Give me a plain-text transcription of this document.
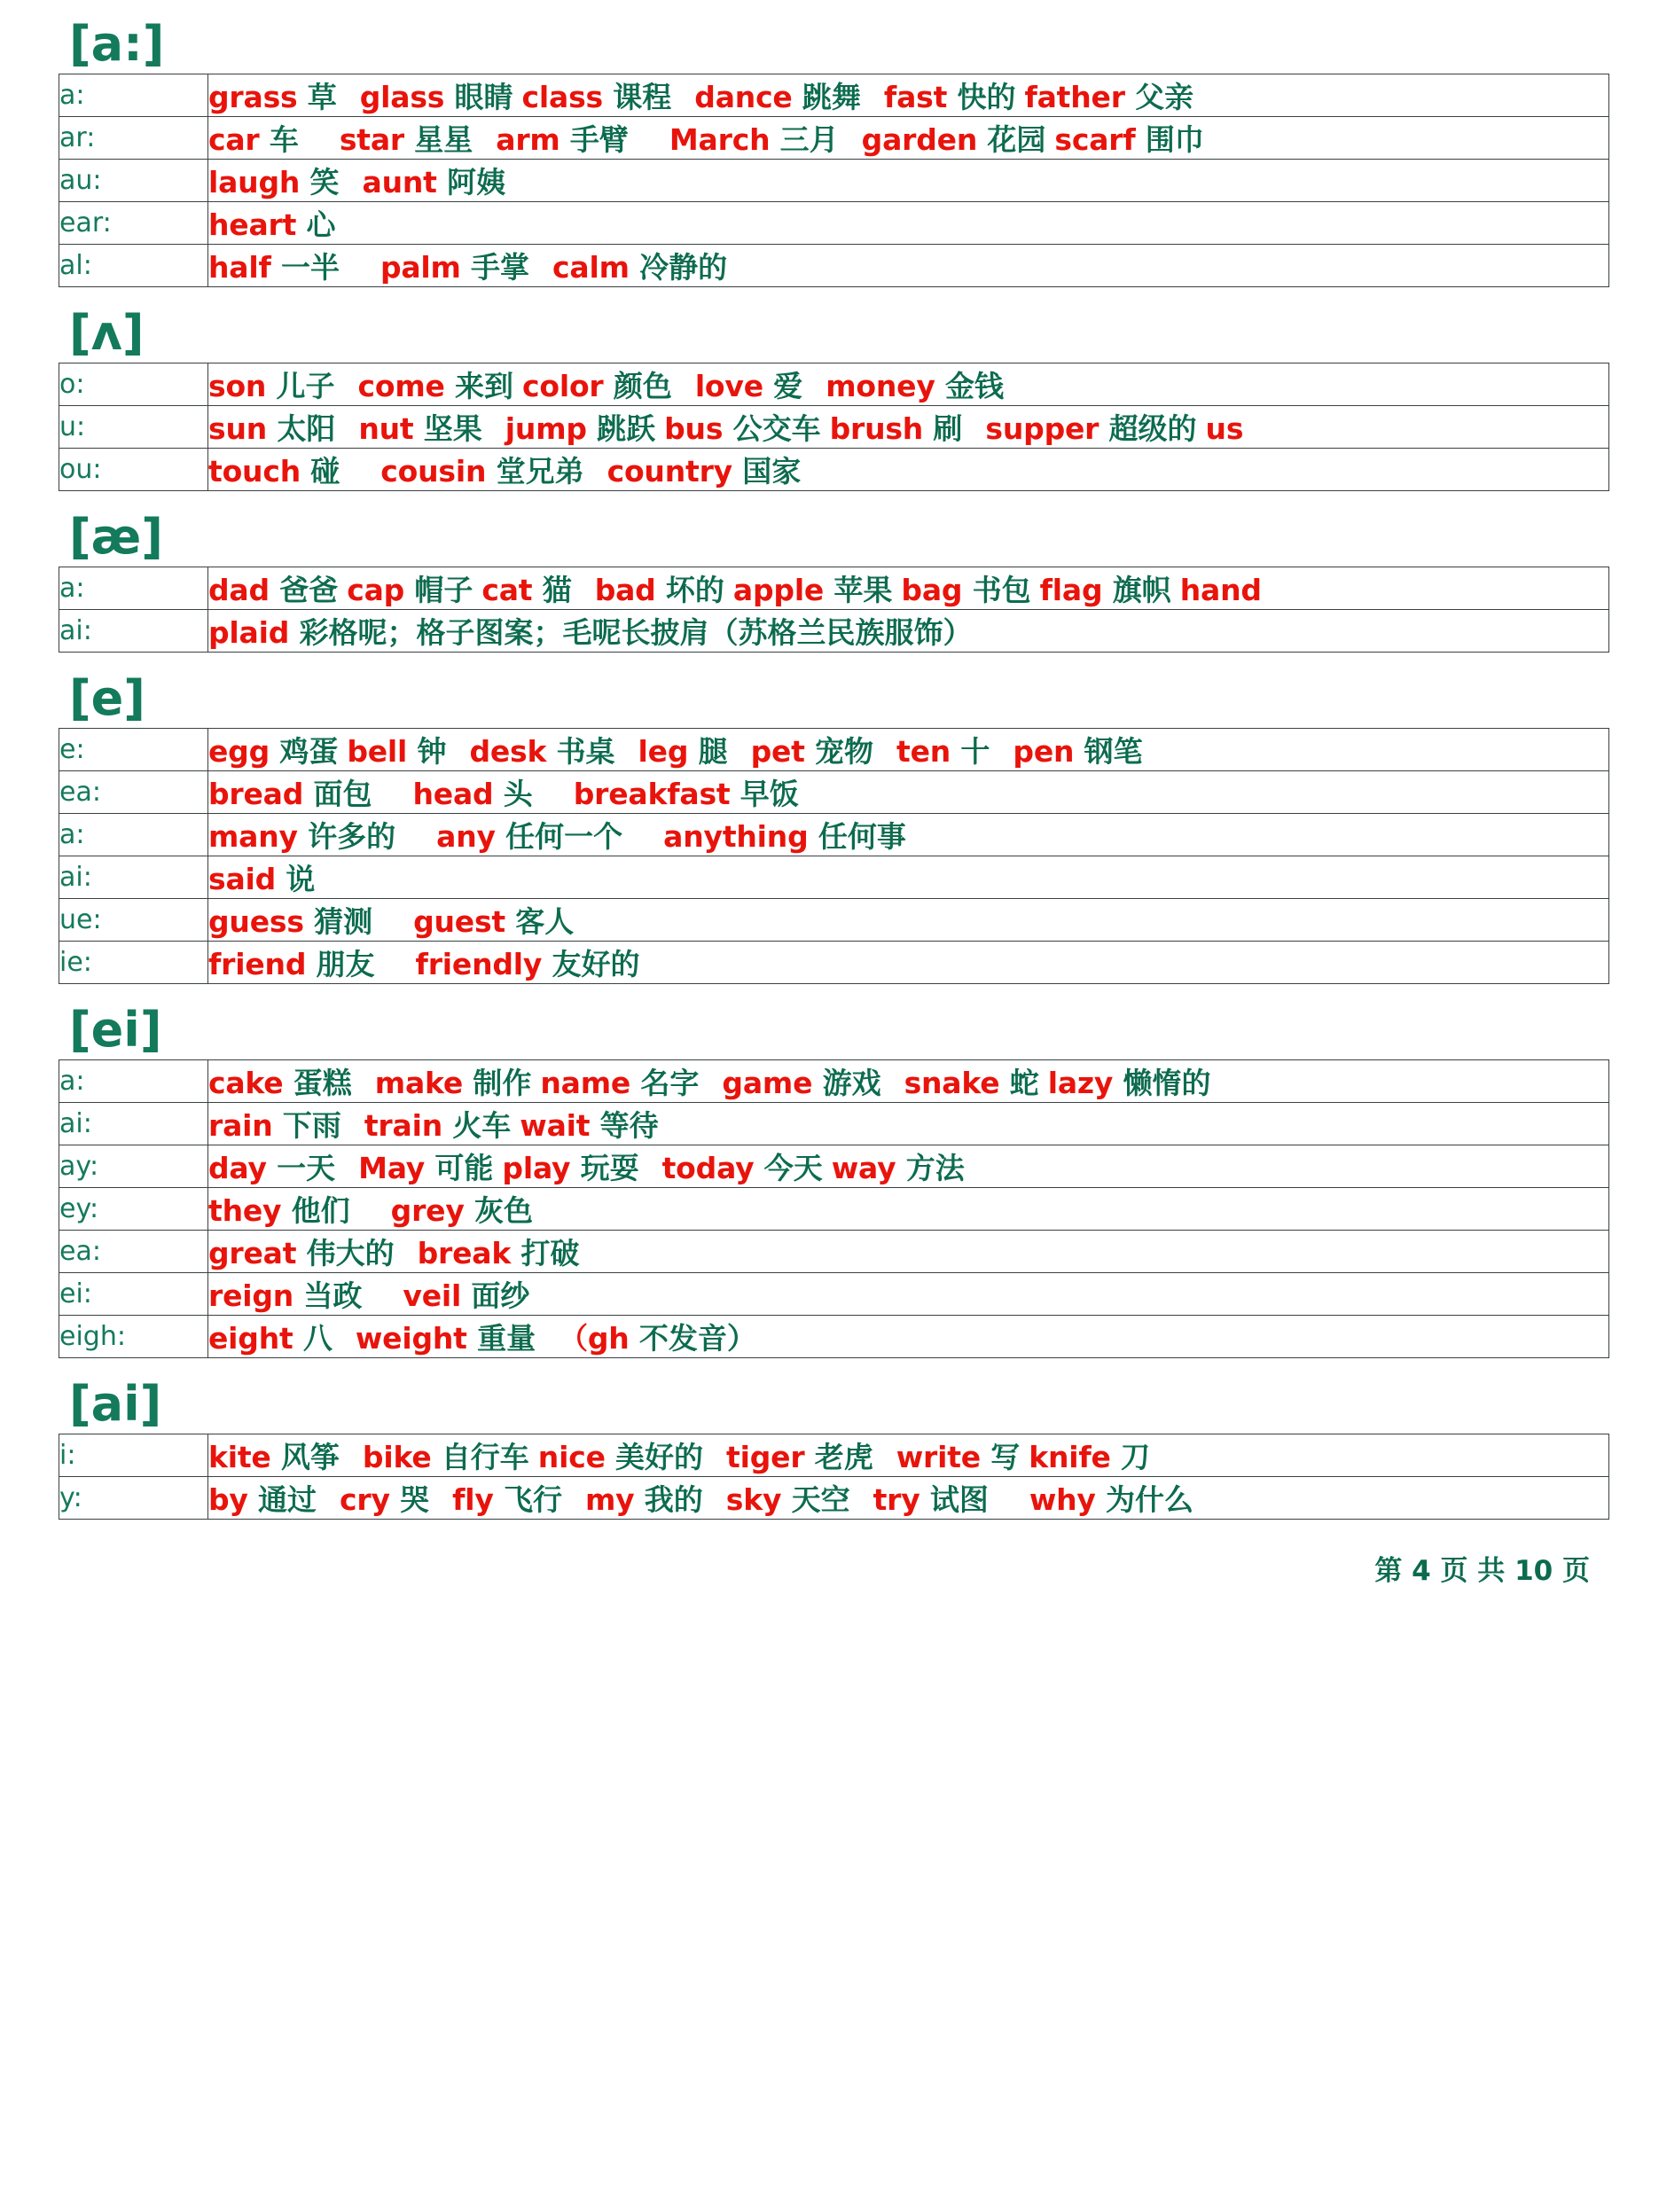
[a:]
a:	grass 草 glass 眼睛 class 课程 dance 跳舞 fast 快的 father 父亲
ar:	car 车 star 星星 arm 手臂 March 三月 garden 花园 scarf 围巾
au:	laugh 笑 aunt 阿姨
ear:	heart 心
al:	half 一半 palm 手掌 calm 冷静的
[ʌ]
o:	son 儿子 come 来到 color 颜色 love 爱 money 金钱
u:	sun 太阳 nut 坚果 jump 跳跃 bus 公交车 brush 刷 supper 超级的 us
ou:	touch 碰 cousin 堂兄弟 country 国家
[æ]
a:	dad 爸爸 cap 帽子 cat 猫 bad 坏的 apple 苹果 bag 书包 flag 旗帜 hand
ai:	plaid 彩格呢；格子图案；毛呢长披肩（苏格兰民族服饰）
[e]
e:	egg 鸡蛋 bell 钟 desk 书桌 leg 腿 pet 宠物 ten 十 pen 钢笔
ea:	bread 面包 head 头 breakfast 早饭
a:	many 许多的 any 任何一个 anything 任何事
ai:	said 说
ue:	guess 猜测 guest 客人
ie:	friend 朋友 friendly 友好的
[ei]
a:	cake 蛋糕 make 制作 name 名字 game 游戏 snake 蛇 lazy 懒惰的
ai:	rain 下雨 train 火车 wait 等待
ay:	day 一天 May 可能 play 玩耍 today 今天 way 方法
ey:	they 他们 grey 灰色
ea:	great 伟大的 break 打破
ei:	reign 当政 veil 面纱
eigh:	eight 八 weight 重量 （gh 不发音）
[ai]
i:	kite 风筝 bike 自行车 nice 美好的 tiger 老虎 write 写 knife 刀
y:	by 通过 cry 哭 fly 飞行 my 我的 sky 天空 try 试图 why 为什么
第 4 页 共 10 页
